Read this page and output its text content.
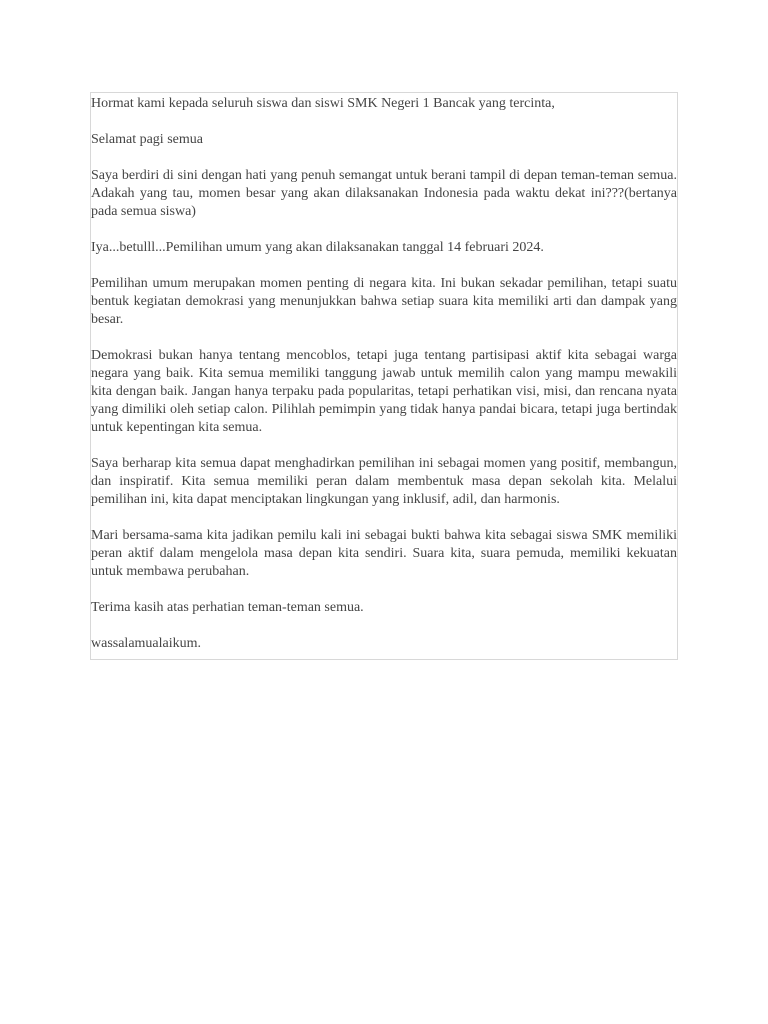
Hormat kami kepada seluruh siswa dan siswi SMK Negeri 1 Bancak yang tercinta,

Selamat pagi semua

Saya berdiri di sini dengan hati yang penuh semangat untuk berani tampil di depan teman-teman semua. Adakah yang tau, momen besar yang akan dilaksanakan Indonesia pada waktu dekat ini???(bertanya pada semua siswa)

Iya...betulll...Pemilihan umum yang akan dilaksanakan tanggal 14 februari 2024.

Pemilihan umum merupakan momen penting di negara kita. Ini bukan sekadar pemilihan, tetapi suatu bentuk kegiatan demokrasi yang menunjukkan bahwa setiap suara kita memiliki arti dan dampak yang besar.

Demokrasi bukan hanya tentang mencoblos, tetapi juga tentang partisipasi aktif kita sebagai warga negara yang baik. Kita semua memiliki tanggung jawab untuk memilih calon yang mampu mewakili kita dengan baik. Jangan hanya terpaku pada popularitas, tetapi perhatikan visi, misi, dan rencana nyata yang dimiliki oleh setiap calon. Pilihlah pemimpin yang tidak hanya pandai bicara, tetapi juga bertindak untuk kepentingan kita semua.

Saya berharap kita semua dapat menghadirkan pemilihan ini sebagai momen yang positif, membangun, dan inspiratif. Kita semua memiliki peran dalam membentuk masa depan sekolah kita. Melalui pemilihan ini, kita dapat menciptakan lingkungan yang inklusif, adil, dan harmonis.

Mari bersama-sama kita jadikan pemilu kali ini sebagai bukti bahwa kita sebagai siswa SMK memiliki peran aktif dalam mengelola masa depan kita sendiri. Suara kita, suara pemuda, memiliki kekuatan untuk membawa perubahan.

Terima kasih atas perhatian teman-teman semua.

wassalamualaikum.
